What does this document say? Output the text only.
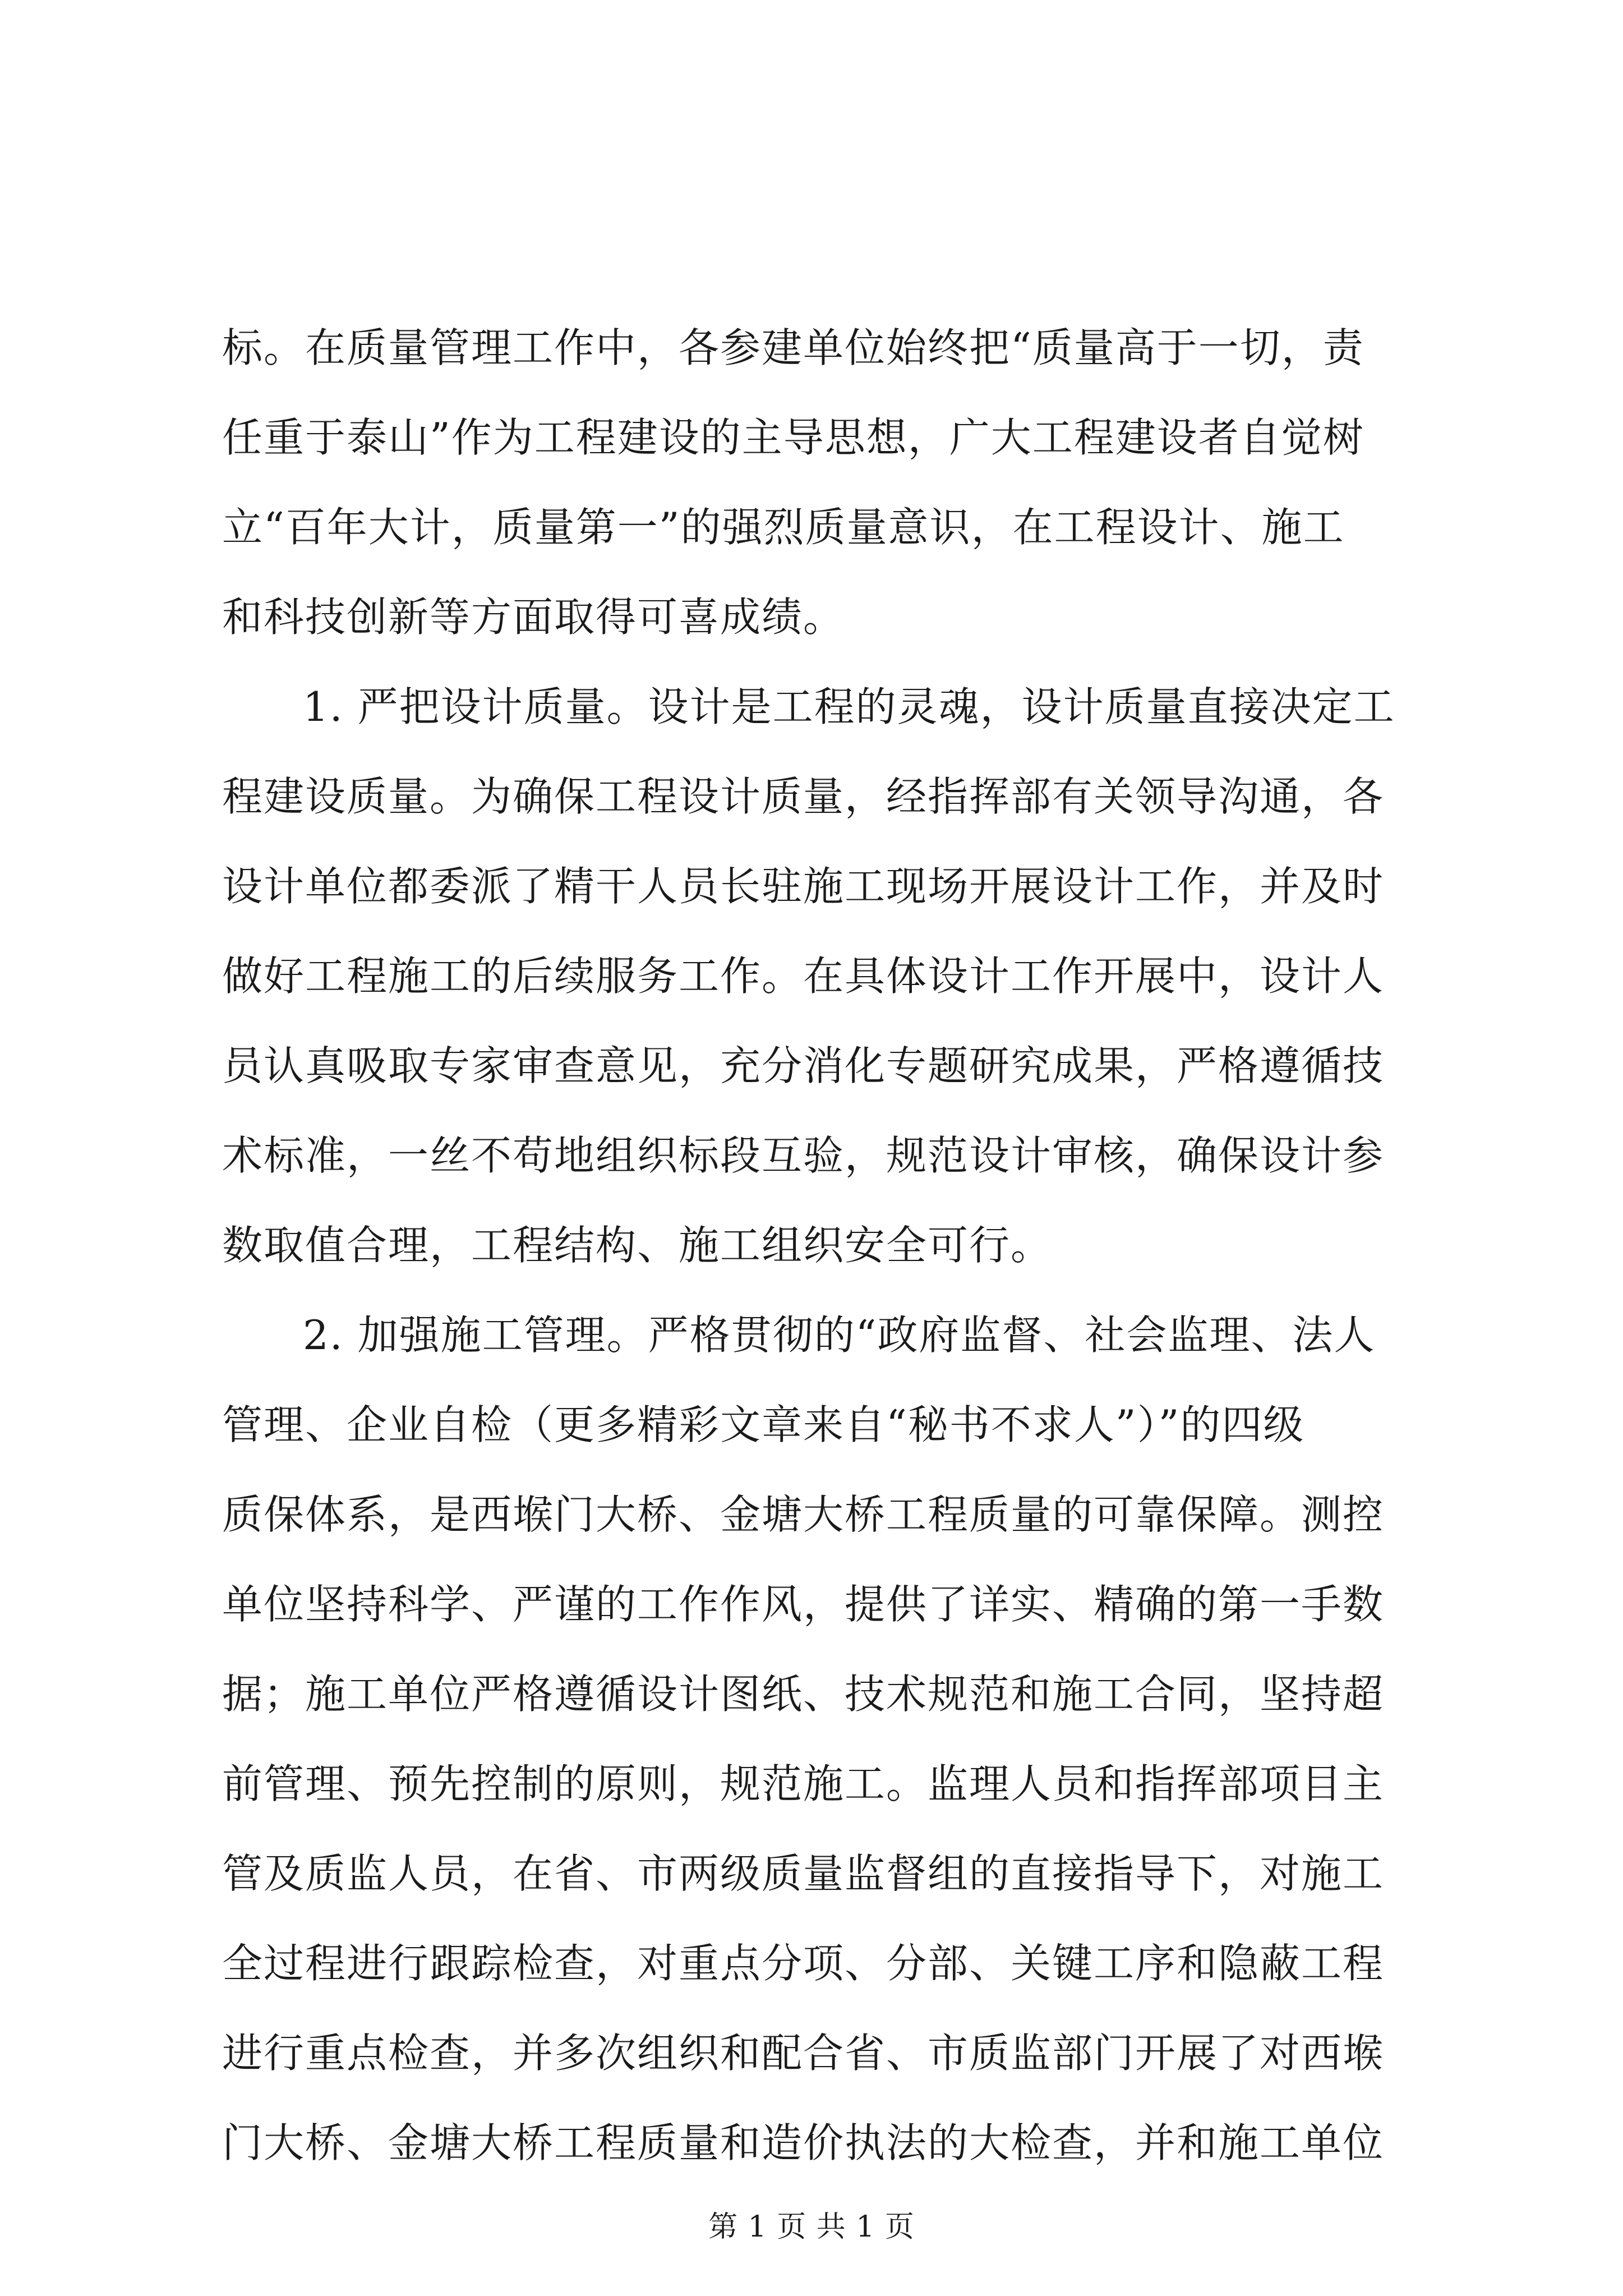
标。在质量管理工作中，各参建单位始终把“质量高于一切，责
任重于泰山”作为工程建设的主导思想，广大工程建设者自觉树
立“百年大计，质量第一”的强烈质量意识，在工程设计、施工
和科技创新等方面取得可喜成绩。
1. 严把设计质量。设计是工程的灵魂，设计质量直接决定工
程建设质量。为确保工程设计质量，经指挥部有关领导沟通，各
设计单位都委派了精干人员长驻施工现场开展设计工作，并及时
做好工程施工的后续服务工作。在具体设计工作开展中，设计人
员认真吸取专家审查意见，充分消化专题研究成果，严格遵循技
术标准，一丝不苟地组织标段互验，规范设计审核，确保设计参
数取值合理，工程结构、施工组织安全可行。
2. 加强施工管理。严格贯彻的“政府监督、社会监理、法人
管理、企业自检（更多精彩文章来自“秘书不求人”）”的四级
质保体系，是西堠门大桥、金塘大桥工程质量的可靠保障。测控
单位坚持科学、严谨的工作作风，提供了详实、精确的第一手数
据；施工单位严格遵循设计图纸、技术规范和施工合同，坚持超
前管理、预先控制的原则，规范施工。监理人员和指挥部项目主
管及质监人员，在省、市两级质量监督组的直接指导下，对施工
全过程进行跟踪检查，对重点分项、分部、关键工序和隐蔽工程
进行重点检查，并多次组织和配合省、市质监部门开展了对西堠
门大桥、金塘大桥工程质量和造价执法的大检查，并和施工单位
第 1 页 共 1 页
